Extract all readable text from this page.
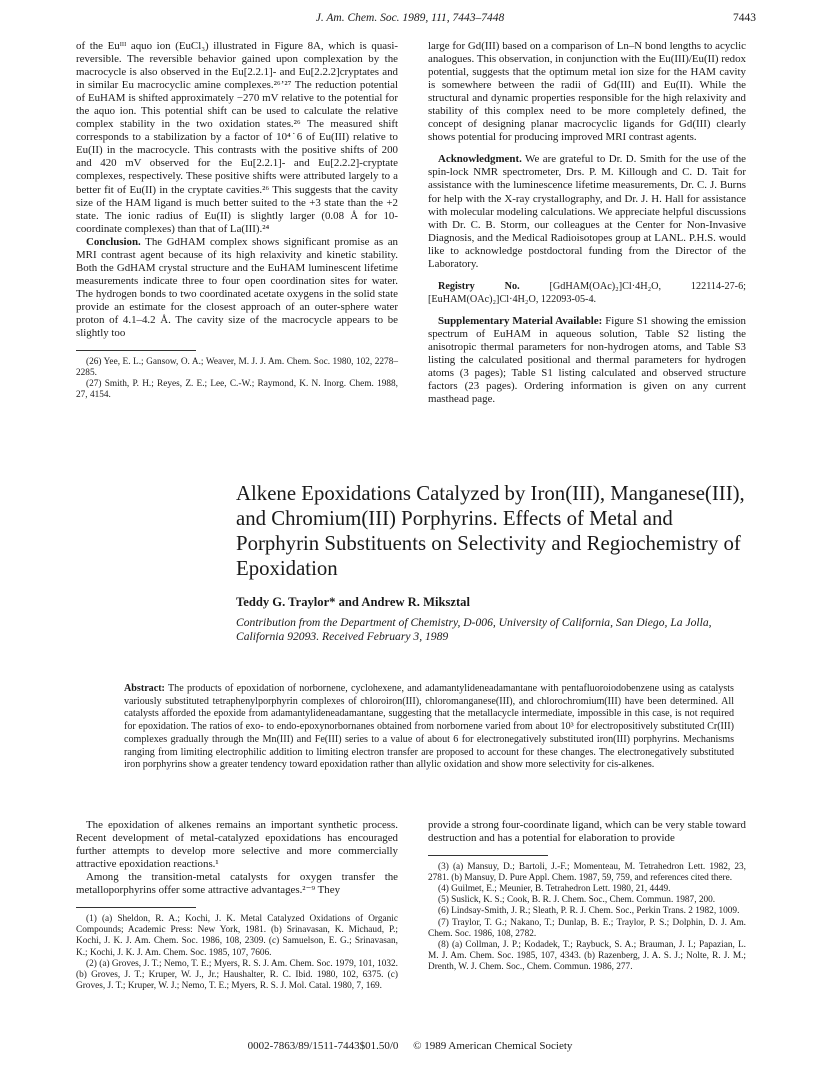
J. Am. Chem. Soc. 1989, 111, 7443–7448	7443

of the Euᴵᴵᴵ aquo ion (EuCl₃) illustrated in Figure 8A, which is quasi-reversible. The reversible behavior gained upon complexation by the macrocycle is also observed in the Eu[2.2.1]- and Eu[2.2.2]cryptates and in similar Eu macrocyclic amine complexes.²⁶ʼ²⁷ The reduction potential of EuHAM is shifted approximately −270 mV relative to the potential for the aquo ion. This potential shift can be used to calculate the relative complex stability in the two oxidation states.²⁶ The measured shift corresponds to a stabilization by a factor of 10⁴˙6 of Eu(III) relative to Eu(II) in the macrocycle. This contrasts with the positive shifts of 200 and 420 mV observed for the Eu[2.2.1]- and Eu[2.2.2]-cryptate complexes, respectively. These positive shifts were attributed largely to a better fit of Eu(II) in the cryptate cavities.²⁶ This suggests that the cavity size of the HAM ligand is much better suited to the +3 state than the +2 state. The ionic radius of Eu(II) is slightly larger (0.08 Å for 10-coordinate complexes) than that of La(III).²⁴

Conclusion. The GdHAM complex shows significant promise as an MRI contrast agent because of its high relaxivity and kinetic stability. Both the GdHAM crystal structure and the EuHAM luminescent lifetime measurements indicate three to four open coordination sites for water. The hydrogen bonds to two coordinated acetate oxygens in the solid state provide an estimate for the closest approach of an outer-sphere water proton of 4.1–4.2 Å. The cavity size of the macrocycle appears to be slightly too

(26) Yee, E. L.; Gansow, O. A.; Weaver, M. J. J. Am. Chem. Soc. 1980, 102, 2278–2285.

(27) Smith, P. H.; Reyes, Z. E.; Lee, C.-W.; Raymond, K. N. Inorg. Chem. 1988, 27, 4154.

large for Gd(III) based on a comparison of Ln–N bond lengths to acyclic analogues. This observation, in conjunction with the Eu(III)/Eu(II) redox potential, suggests that the optimum metal ion size for the HAM cavity is somewhere between the radii of Gd(III) and Eu(II). While the structural and dynamic properties responsible for the high relaxivity and stability of this complex need to be more completely defined, the concept of designing planar macrocyclic ligands for Gd(III) clearly shows potential for producing improved MRI contrast agents.

Acknowledgment. We are grateful to Dr. D. Smith for the use of the spin-lock NMR spectrometer, Drs. P. M. Killough and C. D. Tait for assistance with the luminescence lifetime measurements, Dr. C. J. Burns for help with the X-ray crystallography, and Dr. J. H. Hall for assistance with molecular modeling calculations. We appreciate helpful discussions with Dr. C. B. Storm, our colleagues at the Center for Non-Invasive Diagnosis, and the Medical Radioisotopes group at LANL. P.H.S. would like to acknowledge postdoctoral funding from the Director of the Laboratory.

Registry No. [GdHAM(OAc)₂]Cl·4H₂O, 122114-27-6; [EuHAM(OAc)₂]Cl·4H₂O, 122093-05-4.

Supplementary Material Available: Figure S1 showing the emission spectrum of EuHAM in aqueous solution, Table S2 listing the anisotropic thermal parameters for non-hydrogen atoms, and Table S3 listing the calculated positional and thermal parameters for hydrogen atoms (3 pages); Table S1 listing calculated and observed structure factors (23 pages). Ordering information is given on any current masthead page.

Alkene Epoxidations Catalyzed by Iron(III), Manganese(III), and Chromium(III) Porphyrins. Effects of Metal and Porphyrin Substituents on Selectivity and Regiochemistry of Epoxidation
Teddy G. Traylor* and Andrew R. Miksztal

Contribution from the Department of Chemistry, D-006, University of California, San Diego, La Jolla, California 92093. Received February 3, 1989

Abstract: The products of epoxidation of norbornene, cyclohexene, and adamantylideneadamantane with pentafluoroiodobenzene using as catalysts variously substituted tetraphenylporphyrin complexes of chloroiron(III), chloromanganese(III), and chlorochromium(III) have been determined. All catalysts afforded the epoxide from adamantylideneadamantane, suggesting that the metallacycle intermediate, impossible in this case, is not required for epoxidation. The ratios of exo- to endo-epoxynorbornanes obtained from norbornene varied from about 10³ for electropositively substituted Cr(III) complexes gradually through the Mn(III) and Fe(III) series to a value of about 6 for electronegatively substituted iron(III) porphyrins. Mechanisms ranging from limiting electrophilic addition to limiting electron transfer are proposed to account for these changes. The electronegatively substituted iron porphyrins show a greater tendency toward epoxidation rather than allylic oxidation and show more selectivity for cis-alkenes.

The epoxidation of alkenes remains an important synthetic process. Recent development of metal-catalyzed epoxidations has encouraged further attempts to develop more selective and more commercially attractive epoxidation reactions.¹

Among the transition-metal catalysts for oxygen transfer the metalloporphyrins offer some attractive advantages.²⁻⁹ They

(1) (a) Sheldon, R. A.; Kochi, J. K. Metal Catalyzed Oxidations of Organic Compounds; Academic Press: New York, 1981. (b) Srinavasan, K. Michaud, P.; Kochi, J. K. J. Am. Chem. Soc. 1986, 108, 2309. (c) Samuelson, E. G.; Srinavasan, K.; Kochi, J. K. J. Am. Chem. Soc. 1985, 107, 7606.

(2) (a) Groves, J. T.; Nemo, T. E.; Myers, R. S. J. Am. Chem. Soc. 1979, 101, 1032. (b) Groves, J. T.; Kruper, W. J., Jr.; Haushalter, R. C. Ibid. 1980, 102, 6375. (c) Groves, J. T.; Kruper, W. J.; Nemo, T. E.; Myers, R. S. J. Mol. Catal. 1980, 7, 169.

provide a strong four-coordinate ligand, which can be very stable toward destruction and has a potential for elaboration to provide

(3) (a) Mansuy, D.; Bartoli, J.-F.; Momenteau, M. Tetrahedron Lett. 1982, 23, 2781. (b) Mansuy, D. Pure Appl. Chem. 1987, 59, 759, and references cited there.

(4) Guilmet, E.; Meunier, B. Tetrahedron Lett. 1980, 21, 4449.

(5) Suslick, K. S.; Cook, B. R. J. Chem. Soc., Chem. Commun. 1987, 200.

(6) Lindsay-Smith, J. R.; Sleath, P. R. J. Chem. Soc., Perkin Trans. 2 1982, 1009.

(7) Traylor, T. G.; Nakano, T.; Dunlap, B. E.; Traylor, P. S.; Dolphin, D. J. Am. Chem. Soc. 1986, 108, 2782.

(8) (a) Collman, J. P.; Kodadek, T.; Raybuck, S. A.; Brauman, J. I.; Papazian, L. M. J. Am. Chem. Soc. 1985, 107, 4343. (b) Razenberg, J. A. S. J.; Nolte, R. J. M.; Drenth, W. J. Chem. Soc., Chem. Commun. 1986, 277.

0002-7863/89/1511-7443$01.50/0 © 1989 American Chemical Society
